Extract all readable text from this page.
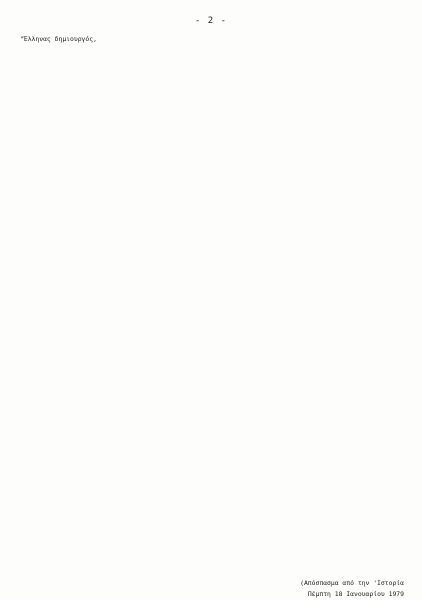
- 2 -
"Έλληνας δημιουργός,

(Απόσπασμα από την 'Ιστορία

Πέμπτη 18 Ιανουαρίου 1979
